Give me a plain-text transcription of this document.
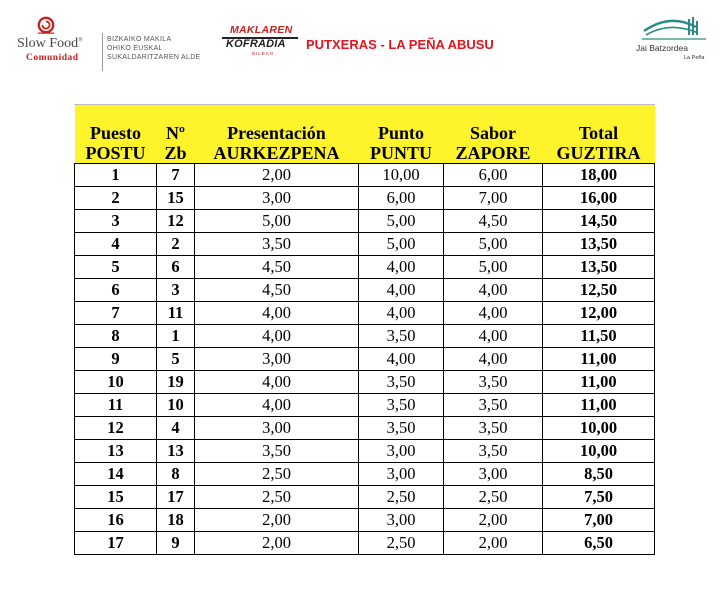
Slow Food®
Comunidad
BIZKAIKO MAKILA
OHIKO EUSKAL
SUKALDARITZAREN ALDE
MAKLAREN
KOFRADIA
BILBAO
PUTXERAS - LA PEÑA ABUSU	Jai Batzordea
La Peña

Puesto	Nº	Presentación	Punto	Sabor	Total
POSTU	Zb	AURKEZPENA	PUNTU	ZAPORE	GUZTIRA
1	7	2,00	10,00	6,00	18,00
2	15	3,00	6,00	7,00	16,00
3	12	5,00	5,00	4,50	14,50
4	2	3,50	5,00	5,00	13,50
5	6	4,50	4,00	5,00	13,50
6	3	4,50	4,00	4,00	12,50
7	11	4,00	4,00	4,00	12,00
8	1	4,00	3,50	4,00	11,50
9	5	3,00	4,00	4,00	11,00
10	19	4,00	3,50	3,50	11,00
11	10	4,00	3,50	3,50	11,00
12	4	3,00	3,50	3,50	10,00
13	13	3,50	3,00	3,50	10,00
14	8	2,50	3,00	3,00	8,50
15	17	2,50	2,50	2,50	7,50
16	18	2,00	3,00	2,00	7,00
17	9	2,00	2,50	2,00	6,50
